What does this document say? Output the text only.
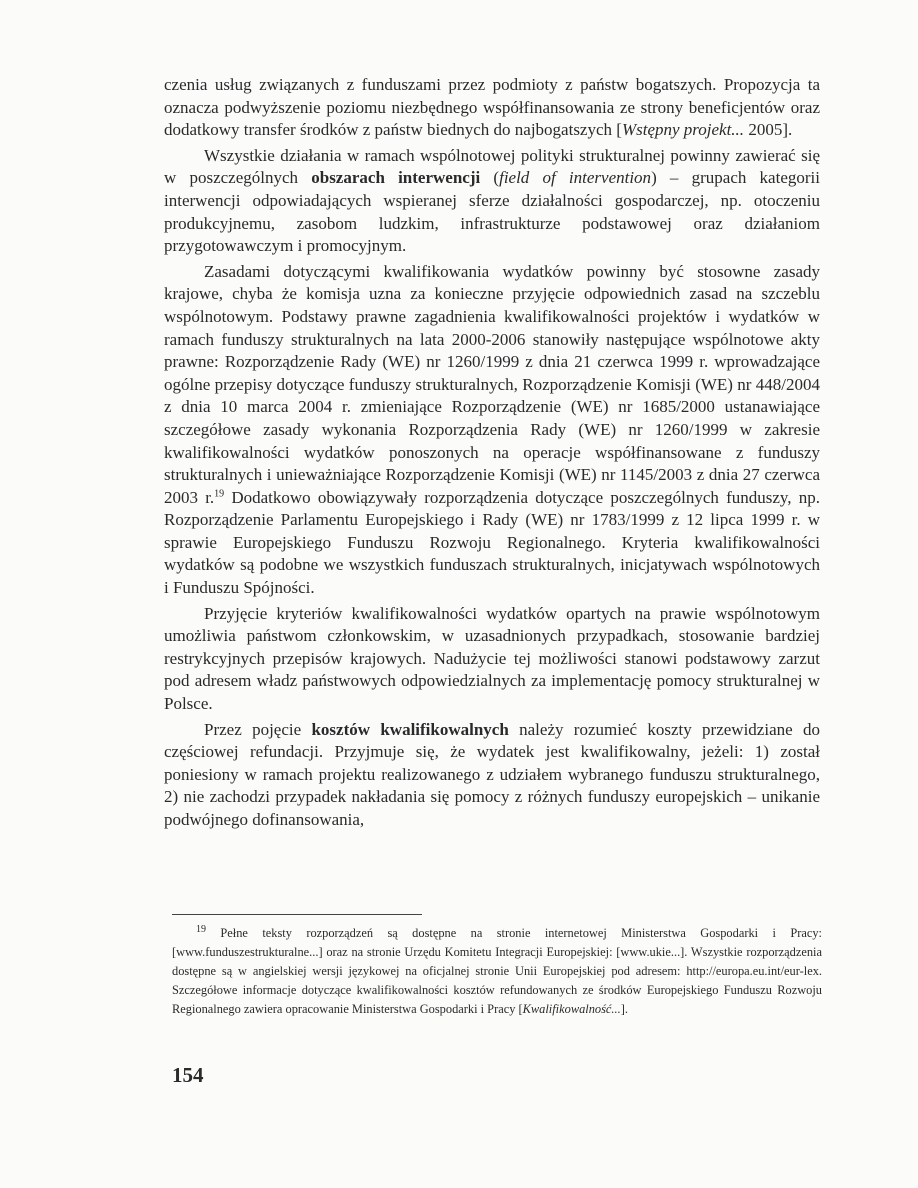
czenia usług związanych z funduszami przez podmioty z państw bogatszych. Propozycja ta oznacza podwyższenie poziomu niezbędnego współfinansowania ze strony beneficjentów oraz dodatkowy transfer środków z państw biednych do najbogatszych [Wstępny projekt... 2005].

Wszystkie działania w ramach wspólnotowej polityki strukturalnej powinny zawierać się w poszczególnych obszarach interwencji (field of intervention) – grupach kategorii interwencji odpowiadających wspieranej sferze działalności gospodarczej, np. otoczeniu produkcyjnemu, zasobom ludzkim, infrastrukturze podstawowej oraz działaniom przygotowawczym i promocyjnym.

Zasadami dotyczącymi kwalifikowania wydatków powinny być stosowne zasady krajowe, chyba że komisja uzna za konieczne przyjęcie odpowiednich zasad na szczeblu wspólnotowym. Podstawy prawne zagadnienia kwalifikowalności projektów i wydatków w ramach funduszy strukturalnych na lata 2000-2006 stanowiły następujące wspólnotowe akty prawne: Rozporządzenie Rady (WE) nr 1260/1999 z dnia 21 czerwca 1999 r. wprowadzające ogólne przepisy dotyczące funduszy strukturalnych, Rozporządzenie Komisji (WE) nr 448/2004 z dnia 10 marca 2004 r. zmieniające Rozporządzenie (WE) nr 1685/2000 ustanawiające szczegółowe zasady wykonania Rozporządzenia Rady (WE) nr 1260/1999 w zakresie kwalifikowalności wydatków ponoszonych na operacje współfinansowane z funduszy strukturalnych i unieważniające Rozporządzenie Komisji (WE) nr 1145/2003 z dnia 27 czerwca 2003 r.$^{19}$ Dodatkowo obowiązywały rozporządzenia dotyczące poszczególnych funduszy, np. Rozporządzenie Parlamentu Europejskiego i Rady (WE) nr 1783/1999 z 12 lipca 1999 r. w sprawie Europejskiego Funduszu Rozwoju Regionalnego. Kryteria kwalifikowalności wydatków są podobne we wszystkich funduszach strukturalnych, inicjatywach wspólnotowych i Funduszu Spójności.

Przyjęcie kryteriów kwalifikowalności wydatków opartych na prawie wspólnotowym umożliwia państwom członkowskim, w uzasadnionych przypadkach, stosowanie bardziej restrykcyjnych przepisów krajowych. Nadużycie tej możliwości stanowi podstawowy zarzut pod adresem władz państwowych odpowiedzialnych za implementację pomocy strukturalnej w Polsce.

Przez pojęcie kosztów kwalifikowalnych należy rozumieć koszty przewidziane do częściowej refundacji. Przyjmuje się, że wydatek jest kwalifikowalny, jeżeli: 1) został poniesiony w ramach projektu realizowanego z udziałem wybranego funduszu strukturalnego, 2) nie zachodzi przypadek nakładania się pomocy z różnych funduszy europejskich – unikanie podwójnego dofinansowania,

$^{19}$ Pełne teksty rozporządzeń są dostępne na stronie internetowej Ministerstwa Gospodarki i Pracy: [www.funduszestrukturalne...] oraz na stronie Urzędu Komitetu Integracji Europejskiej: [www.ukie...]. Wszystkie rozporządzenia dostępne są w angielskiej wersji językowej na oficjalnej stronie Unii Europejskiej pod adresem: http://europa.eu.int/eur-lex. Szczegółowe informacje dotyczące kwalifikowalności kosztów refundowanych ze środków Europejskiego Funduszu Rozwoju Regionalnego zawiera opracowanie Ministerstwa Gospodarki i Pracy [Kwalifikowalność...].

154
